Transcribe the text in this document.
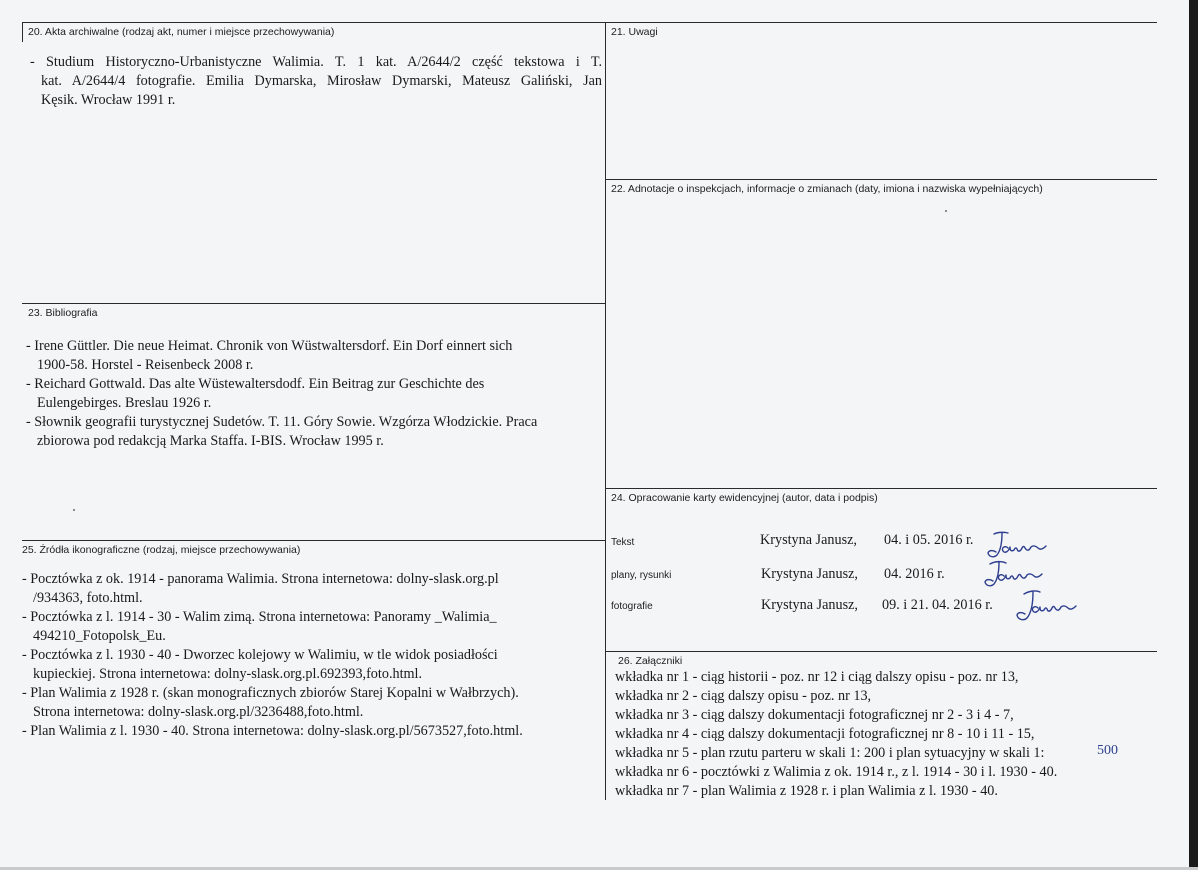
20. Akta archiwalne (rodzaj akt, numer i miejsce przechowywania)
- Studium Historyczno-Urbanistyczne Walimia. T. 1 kat. A/2644/2 część tekstowa i T.
kat. A/2644/4 fotografie. Emilia Dymarska, Mirosław Dymarski, Mateusz Galiński, Jan
Kęsik. Wrocław 1991 r.
21. Uwagi
22. Adnotacje o inspekcjach, informacje o zmianach (daty, imiona i nazwiska wypełniających)
23. Bibliografia
- Irene Güttler. Die neue Heimat. Chronik von Wüstwaltersdorf. Ein Dorf einnert sich
1900-58. Horstel - Reisenbeck 2008 r.
- Reichard Gottwald. Das alte Wüstewaltersdodf. Ein Beitrag zur Geschichte des
Eulengebirges. Breslau 1926 r.
- Słownik geografii turystycznej Sudetów. T. 11. Góry Sowie. Wzgórza Włodzickie. Praca
zbiorowa pod redakcją Marka Staffa. I-BIS. Wrocław 1995 r.
24. Opracowanie karty ewidencyjnej (autor, data i podpis)
Tekst	Krystyna Janusz, 04. i 05. 2016 r.
plany, rysunki	Krystyna Janusz, 04. 2016 r.
fotografie	Krystyna Janusz, 09. i 21. 04. 2016 r.
25. Źródła ikonograficzne (rodzaj, miejsce przechowywania)
- Pocztówka z ok. 1914 - panorama Walimia. Strona internetowa: dolny-slask.org.pl
/934363, foto.html.
- Pocztówka z l. 1914 - 30 - Walim zimą. Strona internetowa: Panoramy _Walimia_
494210_Fotopolsk_Eu.
- Pocztówka z l. 1930 - 40 - Dworzec kolejowy w Walimiu, w tle widok posiadłości
kupieckiej. Strona internetowa: dolny-slask.org.pl.692393,foto.html.
- Plan Walimia z 1928 r. (skan monograficznych zbiorów Starej Kopalni w Wałbrzych).
Strona internetowa: dolny-slask.org.pl/3236488,foto.html.
- Plan Walimia z l. 1930 - 40. Strona internetowa: dolny-slask.org.pl/5673527,foto.html.
26. Załączniki
wkładka nr 1 - ciąg historii - poz. nr 12 i ciąg dalszy opisu - poz. nr 13,
wkładka nr 2 - ciąg dalszy opisu - poz. nr 13,
wkładka nr 3 - ciąg dalszy dokumentacji fotograficznej nr 2 - 3 i 4 - 7,
wkładka nr 4 - ciąg dalszy dokumentacji fotograficznej nr 8 - 10 i 11 - 15,
wkładka nr 5 - plan rzutu parteru w skali 1: 200 i plan sytuacyjny w skali 1:
wkładka nr 6 - pocztówki z Walimia z ok. 1914 r., z l. 1914 - 30 i l. 1930 - 40.
wkładka nr 7 - plan Walimia z 1928 r. i plan Walimia z l. 1930 - 40.
500
